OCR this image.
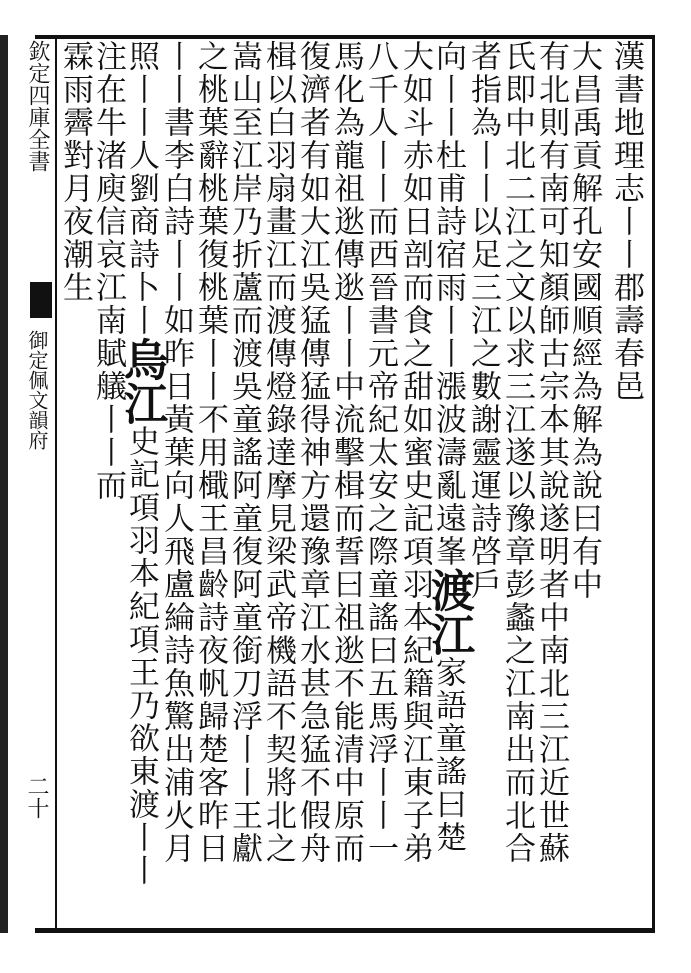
欽定四庫全書
御定佩文韻府
二十
漢書地理志丨丨郡壽春邑
大昌禹貢解孔安國順經為解為說曰有中
有北則有南可知顏師古宗本其說遂明者中南北三江近世蘇
氏即中北二江之文以求三江遂以豫章彭蠡之江南出而北合
者指為丨丨以足三江之數謝靈運詩啓戶
向丨丨杜甫詩宿雨丨丨漲波濤亂遠峯渡江家語童謠曰楚
大如斗赤如日剖而食之甜如蜜史記項羽本紀籍與江東子弟
八千人丨丨而西晉書元帝紀太安之際童謠曰五馬浮丨丨一
馬化為龍祖逖傳逖丨丨中流擊楫而誓曰祖逖不能清中原而
復濟者有如大江吳猛傳猛得神方還豫章江水甚急猛不假舟
楫以白羽扇畫江而渡傳燈錄達摩見梁武帝機語不契將北之
嵩山至江岸乃折蘆而渡吳童謠阿童復阿童銜刀浮丨丨王獻
之桃葉辭桃葉復桃葉丨丨不用檝王昌齡詩夜帆歸楚客昨日
丨丨書李白詩丨丨如昨日黃葉向人飛盧綸詩魚驚出浦火月
照丨丨人劉商詩卜丨烏江史記項羽本紀項王乃欲東渡丨丨
注在牛渚庾信哀江南賦艤丨丨而
霖雨霽對月夜潮生
